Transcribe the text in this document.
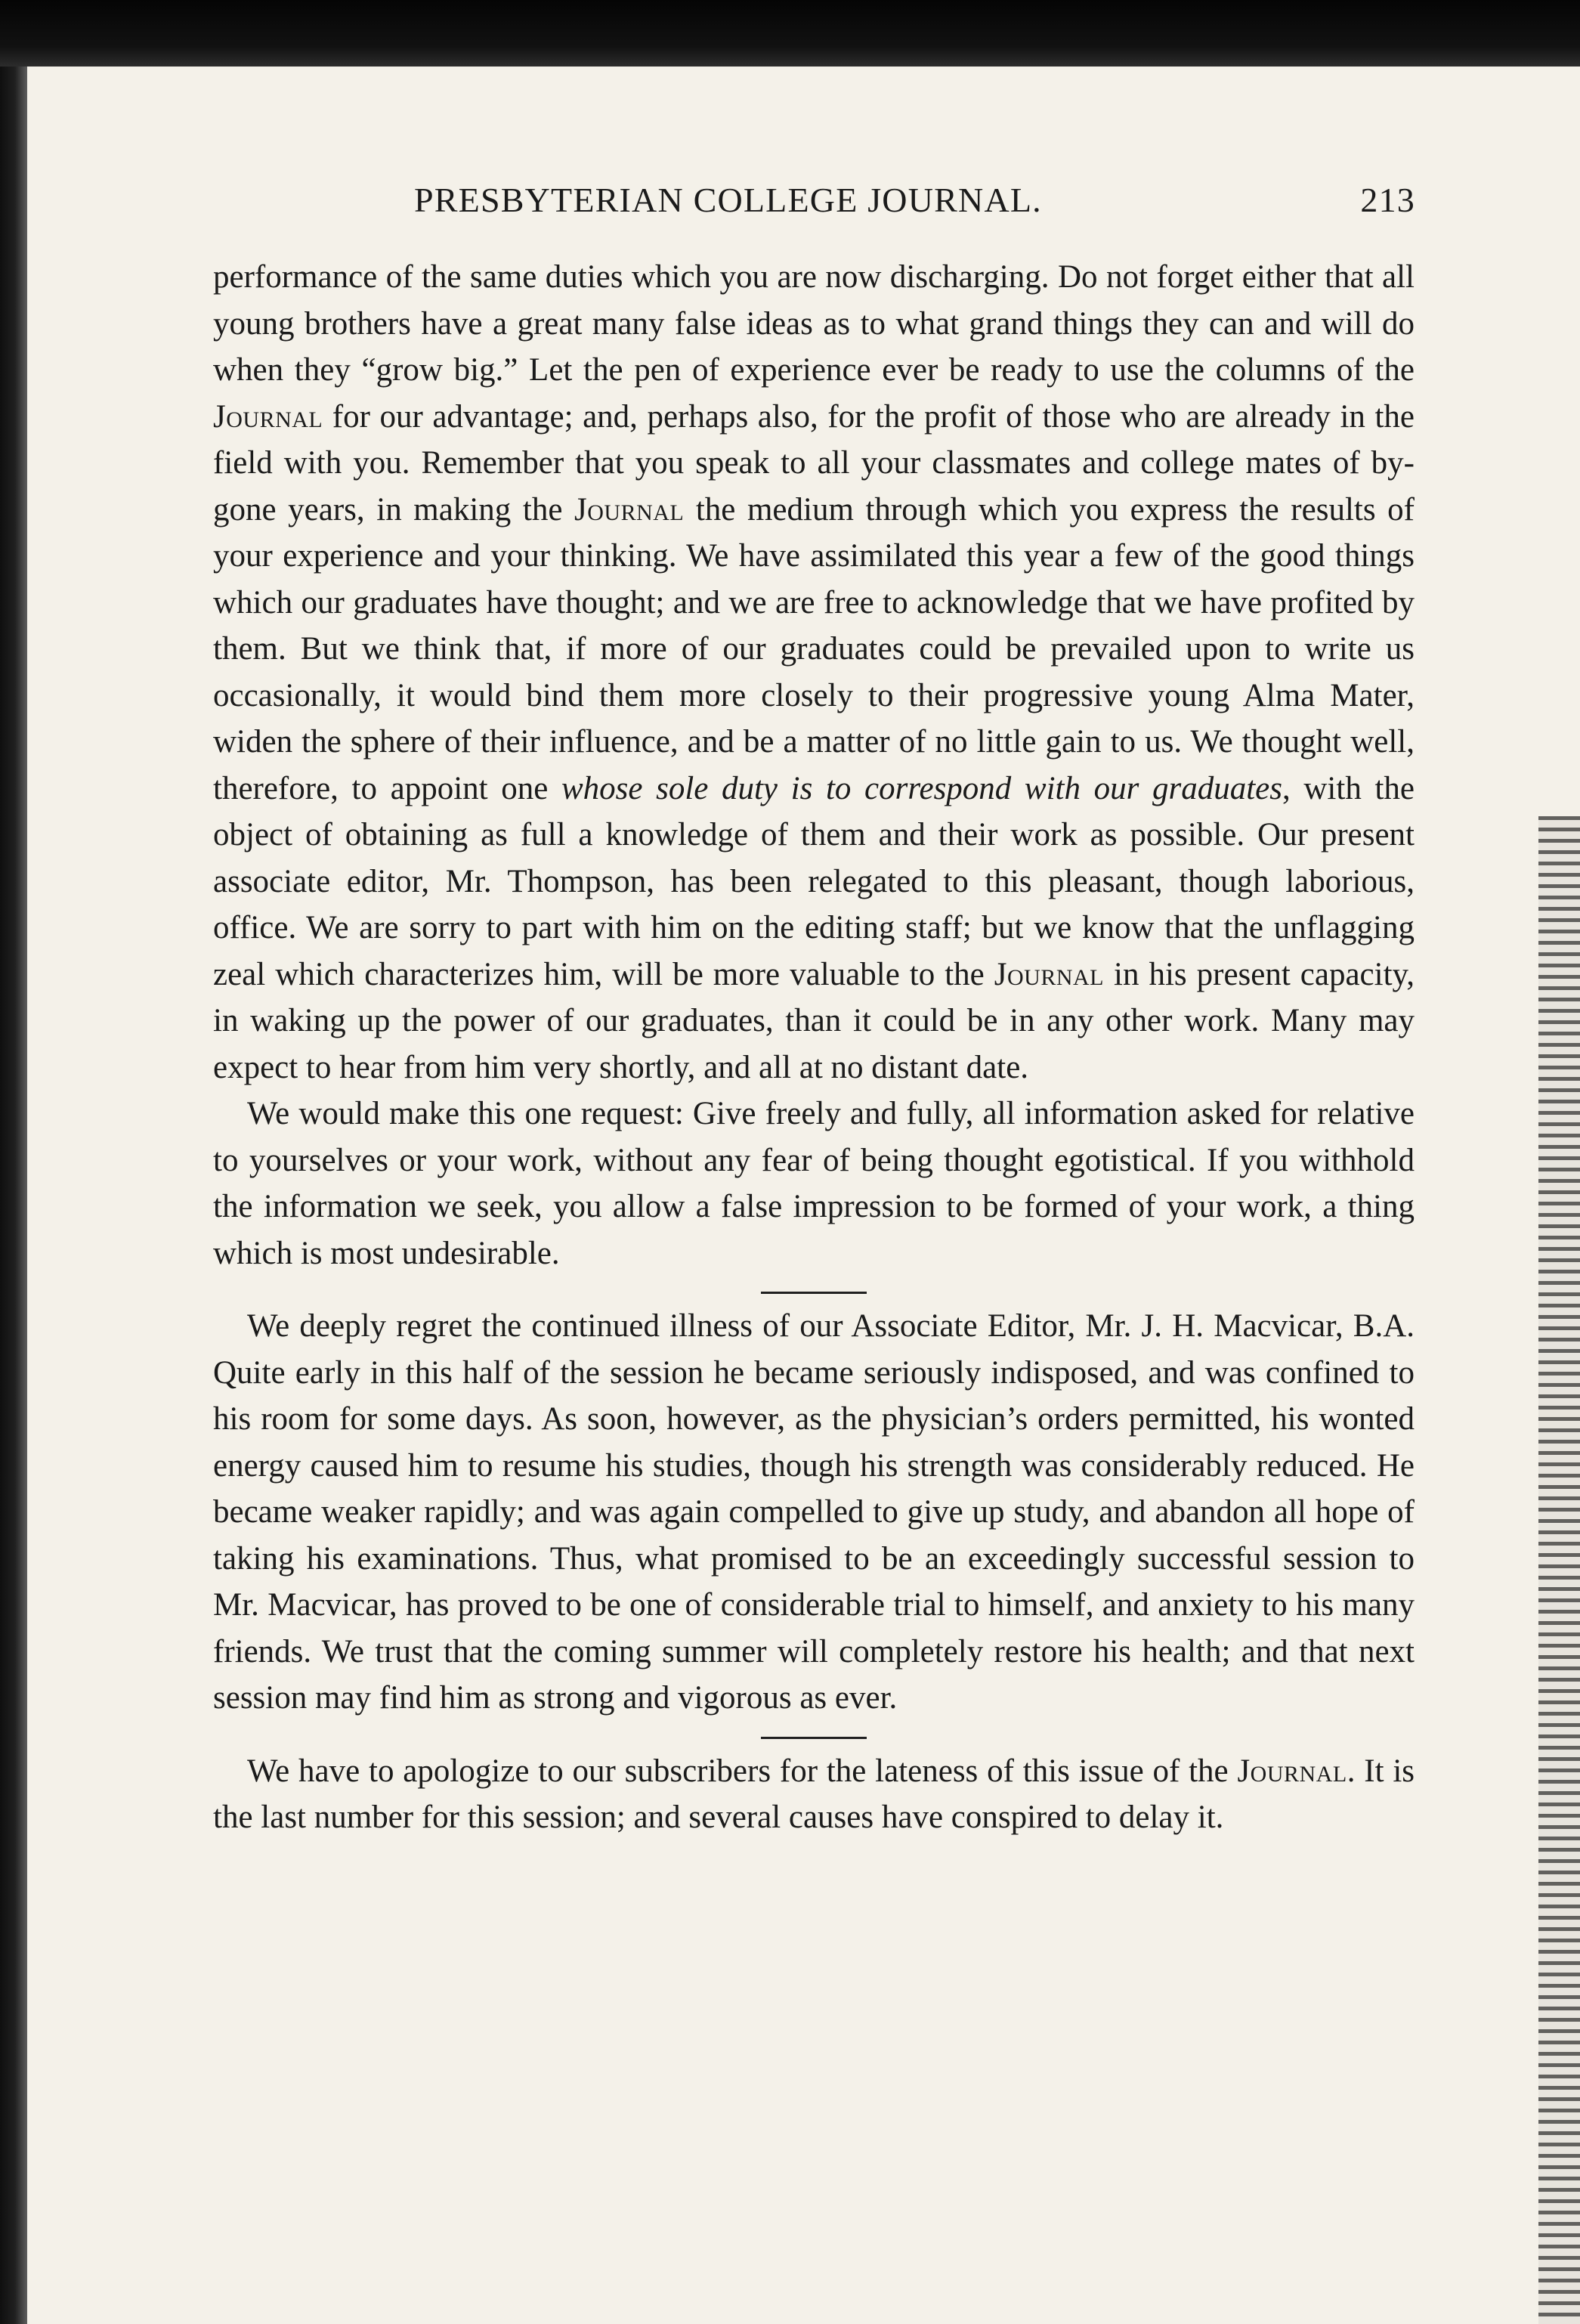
PRESBYTERIAN COLLEGE JOURNAL.	213

performance of the same duties which you are now discharging. Do not forget either that all young brothers have a great many false ideas as to what grand things they can and will do when they “grow big.” Let the pen of experience ever be ready to use the columns of the Journal for our advantage; and, perhaps also, for the profit of those who are already in the field with you. Remember that you speak to all your classmates and college mates of by-gone years, in making the Journal the medium through which you express the results of your experience and your thinking. We have assimilated this year a few of the good things which our graduates have thought; and we are free to acknowledge that we have profited by them. But we think that, if more of our graduates could be prevailed upon to write us occasionally, it would bind them more closely to their progressive young Alma Mater, widen the sphere of their influence, and be a matter of no little gain to us. We thought well, therefore, to appoint one whose sole duty is to correspond with our graduates, with the object of obtaining as full a knowledge of them and their work as possible. Our present associate editor, Mr. Thompson, has been relegated to this pleasant, though laborious, office. We are sorry to part with him on the editing staff; but we know that the unflagging zeal which characterizes him, will be more valuable to the Journal in his present capacity, in waking up the power of our graduates, than it could be in any other work. Many may expect to hear from him very shortly, and all at no distant date.

We would make this one request: Give freely and fully, all information asked for relative to yourselves or your work, without any fear of being thought egotistical. If you withhold the information we seek, you allow a false impression to be formed of your work, a thing which is most undesirable.

We deeply regret the continued illness of our Associate Editor, Mr. J. H. Macvicar, B.A. Quite early in this half of the session he became seriously indisposed, and was confined to his room for some days. As soon, however, as the physician’s orders permitted, his wonted energy caused him to resume his studies, though his strength was considerably reduced. He became weaker rapidly; and was again compelled to give up study, and abandon all hope of taking his examinations. Thus, what promised to be an exceedingly successful session to Mr. Macvicar, has proved to be one of considerable trial to himself, and anxiety to his many friends. We trust that the coming summer will completely restore his health; and that next session may find him as strong and vigorous as ever.

We have to apologize to our subscribers for the lateness of this issue of the Journal. It is the last number for this session; and several causes have conspired to delay it.
